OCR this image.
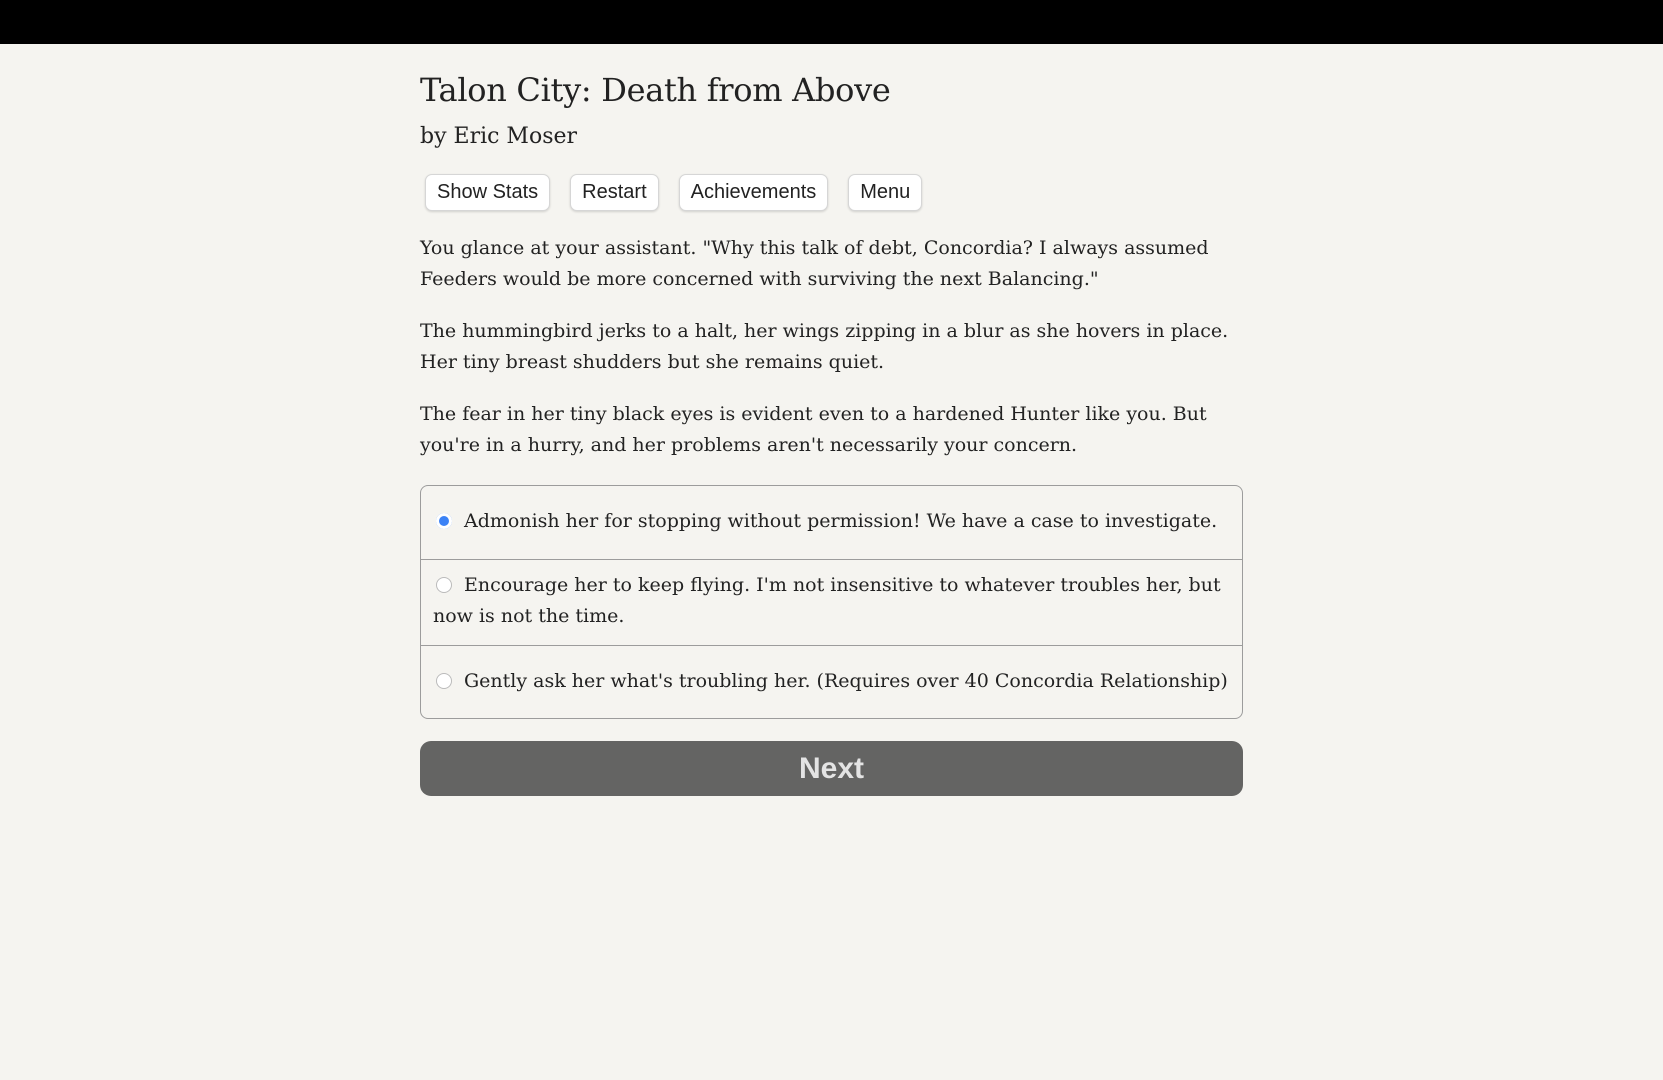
Talon City: Death from Above
by Eric Moser
Show Stats	Restart	Achievements	Menu

You glance at your assistant. "Why this talk of debt, Concordia? I always assumed Feeders would be more concerned with surviving the next Balancing."

The hummingbird jerks to a halt, her wings zipping in a blur as she hovers in place. Her tiny breast shudders but she remains quiet.

The fear in her tiny black eyes is evident even to a hardened Hunter like you. But you're in a hurry, and her problems aren't necessarily your concern.

Admonish her for stopping without permission! We have a case to investigate.
Encourage her to keep flying. I'm not insensitive to whatever troubles her, but now is not the time.
Gently ask her what's troubling her. (Requires over 40 Concordia Relationship)
Next
